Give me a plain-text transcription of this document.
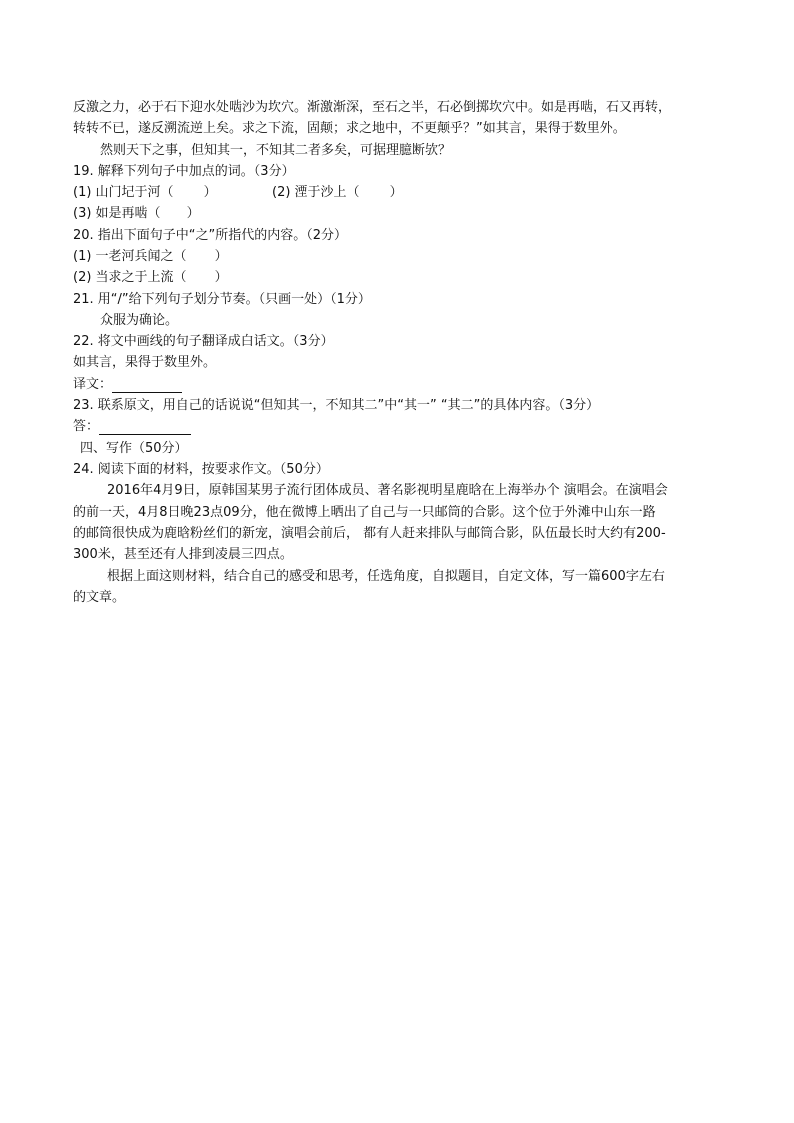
反激之力，必于石下迎水处啮沙为坎穴。渐激渐深，至石之半，石必倒掷坎穴中。如是再啮，石又再转，
转转不已，遂反溯流逆上矣。求之下流，固颠；求之地中，不更颠乎？”如其言，果得于数里外。
然则天下之事，但知其一，不知其二者多矣，可据理臆断欤？
19. 解释下列句子中加点的词。（3分）
(1) 山门圮于河（ ）	(2) 湮于沙上（ ）
(3) 如是再啮（ ）
20. 指出下面句子中“之”所指代的内容。（2分）
(1) 一老河兵闻之（ ）
(2) 当求之于上流（ ）
21. 用“/”给下列句子划分节奏。（只画一处）（1分）
众服为确论。
22. 将文中画线的句子翻译成白话文。（3分）
如其言，果得于数里外。
译文：
23. 联系原文，用自己的话说说“但知其一，不知其二”中“其一” “其二”的具体内容。（3分）
答：
四、写作（50分）
24. 阅读下面的材料，按要求作文。（50分）
2016年4月9日，原韩国某男子流行团体成员、著名影视明星鹿晗在上海举办个 演唱会。在演唱会
的前一天，4月8日晚23点09分，他在微博上晒出了自己与一只邮筒的合影。这个位于外滩中山东一路
的邮筒很快成为鹿晗粉丝们的新宠，演唱会前后， 都有人赶来排队与邮筒合影，队伍最长时大约有200-
300米，甚至还有人排到凌晨三四点。
根据上面这则材料，结合自己的感受和思考，任选角度，自拟题目，自定文体，写一篇600字左右
的文章。
